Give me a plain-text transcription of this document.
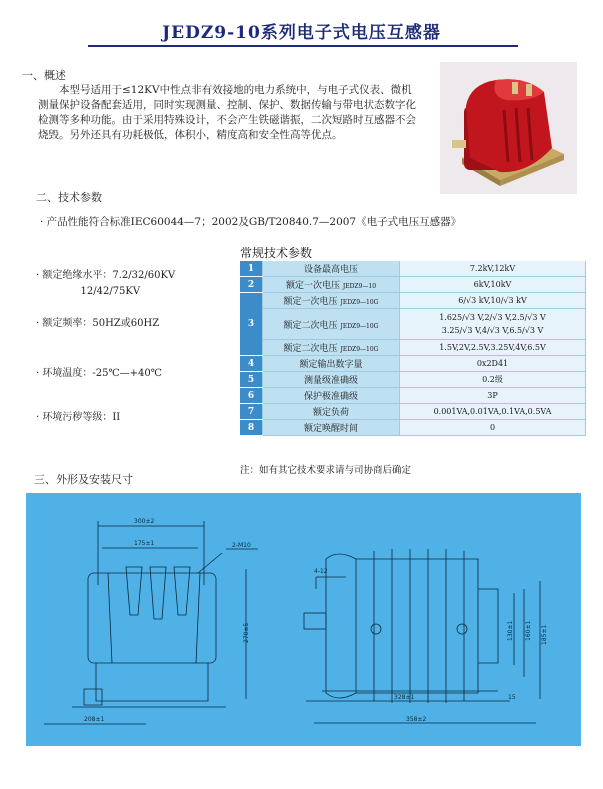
JEDZ9-10系列电子式电压互感器
一、概述
本型号适用于≤12KV中性点非有效接地的电力系统中，与电子式仪表、微机测量保护设备配套适用，同时实现测量、控制、保护、数据传输与带电状态数字化检测等多种功能。由于采用特殊设计，不会产生铁磁谐振，二次短路时互感器不会烧毁。另外还具有功耗极低，体积小，精度高和安全性高等优点。
二、技术参数
· 产品性能符合标准IEC60044—7；2002及GB/T20840.7—2007《电子式电压互感器》
· 额定绝缘水平：7.2/32/60KV
12/42/75KV
· 额定频率：50HZ或60HZ
· 环境温度：-25℃—+40℃
· 环境污秽等级：II
常规技术参数
1	设备最高电压	7.2kV,12kV
2	额定一次电压 JEDZ9—10	6kV,10kV
3	额定一次电压 JEDZ9—10G	6/√3 kV,10/√3 kV
	额定二次电压 JEDZ9—10G	1.625/√3 V,2/√3 V,2.5/√3 V
3.25/√3 V,4/√3 V,6.5/√3 V
	额定二次电压 JEDZ9—10G	1.5V,2V,2.5V,3.25V,4V,6.5V
4	额定输出数字量	0x2D41
5	测量级准确级	0.2级
6	保护极准确级	3P
7	额定负荷	0.001VA,0.01VA,0.1VA,0.5VA
8	额定唤醒时间	0
注：如有其它技术要求请与司协商后确定
三、外形及安装尺寸
300±2
175±1	2-M10
270±5
208±1
4-12
130±1 160±1 185±1
328±1	15
358±2
